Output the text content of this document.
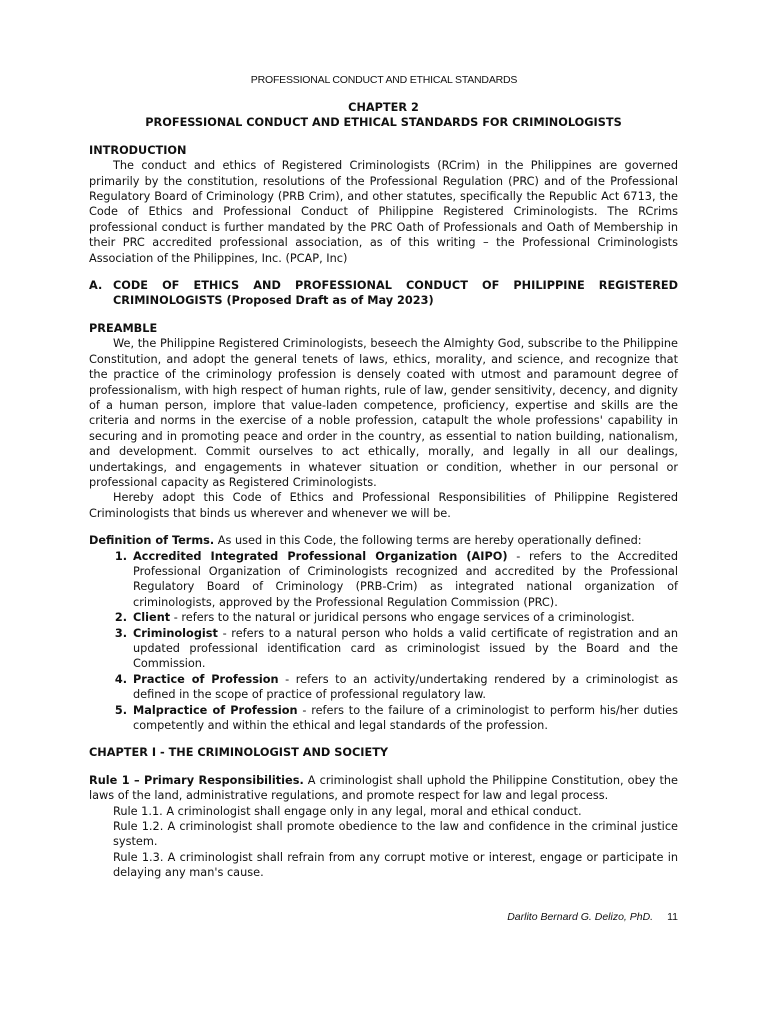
PROFESSIONAL CONDUCT AND ETHICAL STANDARDS
CHAPTER 2
PROFESSIONAL CONDUCT AND ETHICAL STANDARDS FOR CRIMINOLOGISTS

INTRODUCTION

The conduct and ethics of Registered Criminologists (RCrim) in the Philippines are governed primarily by the constitution, resolutions of the Professional Regulation (PRC) and of the Professional Regulatory Board of Criminology (PRB Crim), and other statutes, specifically the Republic Act 6713, the Code of Ethics and Professional Conduct of Philippine Registered Criminologists. The RCrims professional conduct is further mandated by the PRC Oath of Professionals and Oath of Membership in their PRC accredited professional association, as of this writing – the Professional Criminologists Association of the Philippines, Inc. (PCAP, Inc)

A. CODE OF ETHICS AND PROFESSIONAL CONDUCT OF PHILIPPINE REGISTERED
CRIMINOLOGISTS (Proposed Draft as of May 2023)

PREAMBLE

We, the Philippine Registered Criminologists, beseech the Almighty God, subscribe to the Philippine Constitution, and adopt the general tenets of laws, ethics, morality, and science, and recognize that the practice of the criminology profession is densely coated with utmost and paramount degree of professionalism, with high respect of human rights, rule of law, gender sensitivity, decency, and dignity of a human person, implore that value-laden competence, proficiency, expertise and skills are the criteria and norms in the exercise of a noble profession, catapult the whole professions' capability in securing and in promoting peace and order in the country, as essential to nation building, nationalism, and development. Commit ourselves to act ethically, morally, and legally in all our dealings, undertakings, and engagements in whatever situation or condition, whether in our personal or professional capacity as Registered Criminologists.

Hereby adopt this Code of Ethics and Professional Responsibilities of Philippine Registered Criminologists that binds us wherever and whenever we will be.

Definition of Terms. As used in this Code, the following terms are hereby operationally defined:

1. Accredited Integrated Professional Organization (AIPO) - refers to the Accredited Professional Organization of Criminologists recognized and accredited by the Professional Regulatory Board of Criminology (PRB-Crim) as integrated national organization of criminologists, approved by the Professional Regulation Commission (PRC).
2. Client - refers to the natural or juridical persons who engage services of a criminologist.
3. Criminologist - refers to a natural person who holds a valid certificate of registration and an updated professional identification card as criminologist issued by the Board and the Commission.
4. Practice of Profession - refers to an activity/undertaking rendered by a criminologist as defined in the scope of practice of professional regulatory law.
5. Malpractice of Profession - refers to the failure of a criminologist to perform his/her duties competently and within the ethical and legal standards of the profession.

CHAPTER I - THE CRIMINOLOGIST AND SOCIETY

Rule 1 – Primary Responsibilities. A criminologist shall uphold the Philippine Constitution, obey the laws of the land, administrative regulations, and promote respect for law and legal process.

Rule 1.1. A criminologist shall engage only in any legal, moral and ethical conduct.
Rule 1.2. A criminologist shall promote obedience to the law and confidence in the criminal justice system.
Rule 1.3. A criminologist shall refrain from any corrupt motive or interest, engage or participate in delaying any man's cause.
Darlito Bernard G. Delizo, PhD. 11
